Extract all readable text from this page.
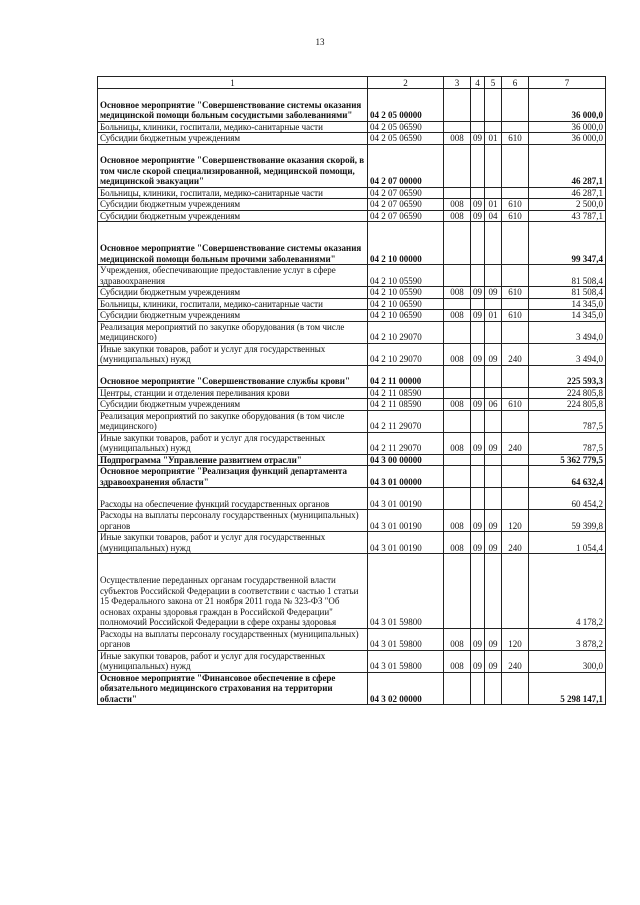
13
1	2	3	4	5	6	7
Основное мероприятие "Совершенствование системы оказания медицинской помощи больным сосудистыми заболеваниями"	04 2 05 00000					36 000,0
Больницы, клиники, госпитали, медико-санитарные части	04 2 05 06590					36 000,0
Субсидии бюджетным учреждениям	04 2 05 06590	008	09	01	610	36 000,0
Основное мероприятие "Совершенствование оказания скорой, в том числе скорой специализированной, медицинской помощи, медицинской эвакуации"	04 2 07 00000					46 287,1
Больницы, клиники, госпитали, медико-санитарные части	04 2 07 06590					46 287,1
Субсидии бюджетным учреждениям	04 2 07 06590	008	09	01	610	2 500,0
Субсидии бюджетным учреждениям	04 2 07 06590	008	09	04	610	43 787,1
Основное мероприятие "Совершенствование системы оказания медицинской помощи больным прочими заболеваниями"	04 2 10 00000					99 347,4
Учреждения, обеспечивающие предоставление услуг в сфере здравоохранения	04 2 10 05590					81 508,4
Субсидии бюджетным учреждениям	04 2 10 05590	008	09	09	610	81 508,4
Больницы, клиники, госпитали, медико-санитарные части	04 2 10 06590					14 345,0
Субсидии бюджетным учреждениям	04 2 10 06590	008	09	01	610	14 345,0
Реализация мероприятий по закупке оборудования (в том числе медицинского)	04 2 10 29070					3 494,0
Иные закупки товаров, работ и услуг для государственных (муниципальных) нужд	04 2 10 29070	008	09	09	240	3 494,0
Основное мероприятие "Совершенствование службы крови"	04 2 11 00000					225 593,3
Центры, станции и отделения переливания крови	04 2 11 08590					224 805,8
Субсидии бюджетным учреждениям	04 2 11 08590	008	09	06	610	224 805,8
Реализация мероприятий по закупке оборудования (в том числе медицинского)	04 2 11 29070					787,5
Иные закупки товаров, работ и услуг для государственных (муниципальных) нужд	04 2 11 29070	008	09	09	240	787,5
Подпрограмма "Управление развитием отрасли"	04 3 00 00000					5 362 779,5
Основное мероприятие "Реализация функций департамента здравоохранения области"	04 3 01 00000					64 632,4
Расходы на обеспечение функций государственных органов	04 3 01 00190					60 454,2
Расходы на выплаты персоналу государственных (муниципальных) органов	04 3 01 00190	008	09	09	120	59 399,8
Иные закупки товаров, работ и услуг для государственных (муниципальных) нужд	04 3 01 00190	008	09	09	240	1 054,4
Осуществление переданных органам государственной власти субъектов Российской Федерации в соответствии с частью 1 статьи 15 Федерального закона от 21 ноября 2011 года № 323-ФЗ "Об основах охраны здоровья граждан в Российской Федерации" полномочий Российской Федерации в сфере охраны здоровья	04 3 01 59800					4 178,2
Расходы на выплаты персоналу государственных (муниципальных) органов	04 3 01 59800	008	09	09	120	3 878,2
Иные закупки товаров, работ и услуг для государственных (муниципальных) нужд	04 3 01 59800	008	09	09	240	300,0
Основное мероприятие "Финансовое обеспечение в сфере обязательного медицинского страхования на территории области"	04 3 02 00000					5 298 147,1
